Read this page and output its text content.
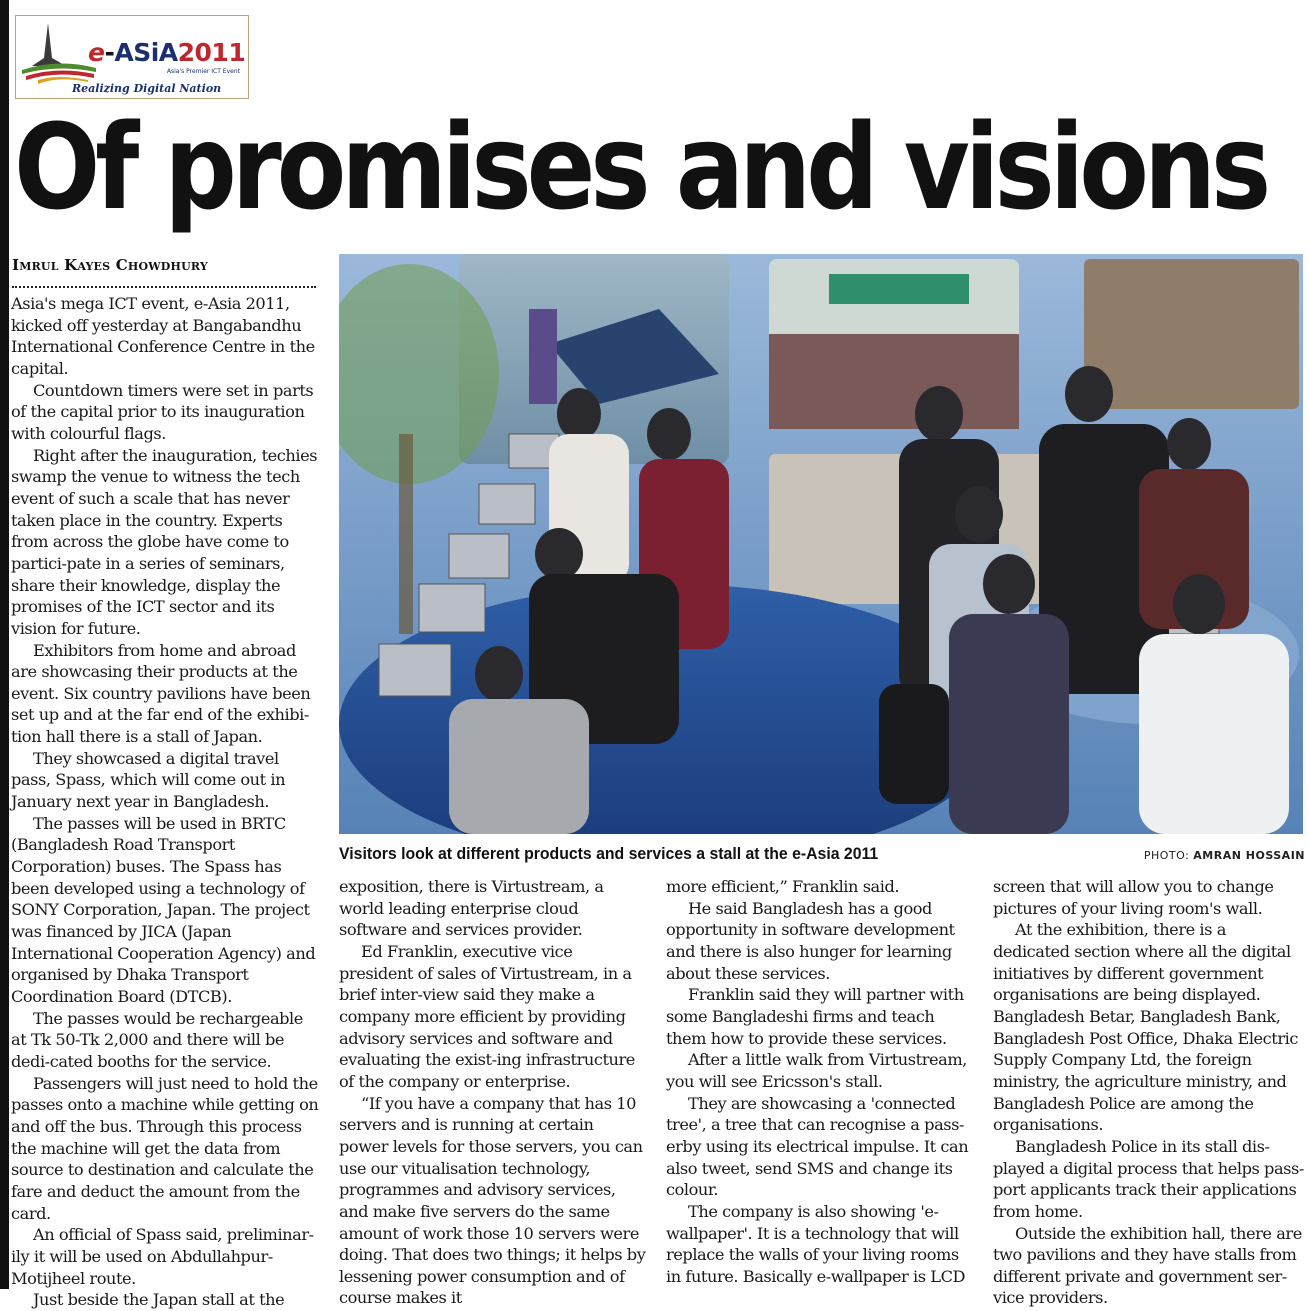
e-ASiA2011
Asia's Premier ICT Event
Realizing Digital Nation
Of promises and visions
Imrul Kayes Chowdhury

Asia's mega ICT event, e-Asia 2011, kicked off yesterday at Bangabandhu International Conference Centre in the capital.

Countdown timers were set in parts of the capital prior to its inauguration with colourful flags.

Right after the inauguration, techies swamp the venue to witness the tech event of such a scale that has never taken place in the country. Experts from across the globe have come to partici-pate in a series of seminars, share their knowledge, display the promises of the ICT sector and its vision for future.

Exhibitors from home and abroad are showcasing their products at the event. Six country pavilions have been set up and at the far end of the exhibi-tion hall there is a stall of Japan.

They showcased a digital travel pass, Spass, which will come out in January next year in Bangladesh.

The passes will be used in BRTC (Bangladesh Road Transport Corporation) buses. The Spass has been developed using a technology of SONY Corporation, Japan. The project was financed by JICA (Japan International Cooperation Agency) and organised by Dhaka Transport Coordination Board (DTCB).

The passes would be rechargeable at Tk 50-Tk 2,000 and there will be dedi-cated booths for the service.

Passengers will just need to hold the passes onto a machine while getting on and off the bus. Through this process the machine will get the data from source to destination and calculate the fare and deduct the amount from the card.

An official of Spass said, preliminar-ily it will be used on Abdullahpur-Motijheel route.

Just beside the Japan stall at the

Visitors look at different products and services a stall at the e-Asia 2011	PHOTO: AMRAN HOSSAIN

exposition, there is Virtustream, a world leading enterprise cloud software and services provider.

Ed Franklin, executive vice president of sales of Virtustream, in a brief inter-view said they make a company more efficient by providing advisory services and software and evaluating the exist-ing infrastructure of the company or enterprise.

“If you have a company that has 10 servers and is running at certain power levels for those servers, you can use our vitualisation technology, programmes and advisory services, and make five servers do the same amount of work those 10 servers were doing. That does two things; it helps by lessening power consumption and of course makes it

more efficient,” Franklin said.

He said Bangladesh has a good opportunity in software development and there is also hunger for learning about these services.

Franklin said they will partner with some Bangladeshi firms and teach them how to provide these services.

After a little walk from Virtustream, you will see Ericsson's stall.

They are showcasing a 'connected tree', a tree that can recognise a pass-erby using its electrical impulse. It can also tweet, send SMS and change its colour.

The company is also showing 'e-wallpaper'. It is a technology that will replace the walls of your living rooms in future. Basically e-wallpaper is LCD

screen that will allow you to change pictures of your living room's wall.

At the exhibition, there is a dedicated section where all the digital initiatives by different government organisations are being displayed. Bangladesh Betar, Bangladesh Bank, Bangladesh Post Office, Dhaka Electric Supply Company Ltd, the foreign ministry, the agriculture ministry, and Bangladesh Police are among the organisations.

Bangladesh Police in its stall dis-played a digital process that helps pass-port applicants track their applications from home.

Outside the exhibition hall, there are two pavilions and they have stalls from different private and government ser-vice providers.
